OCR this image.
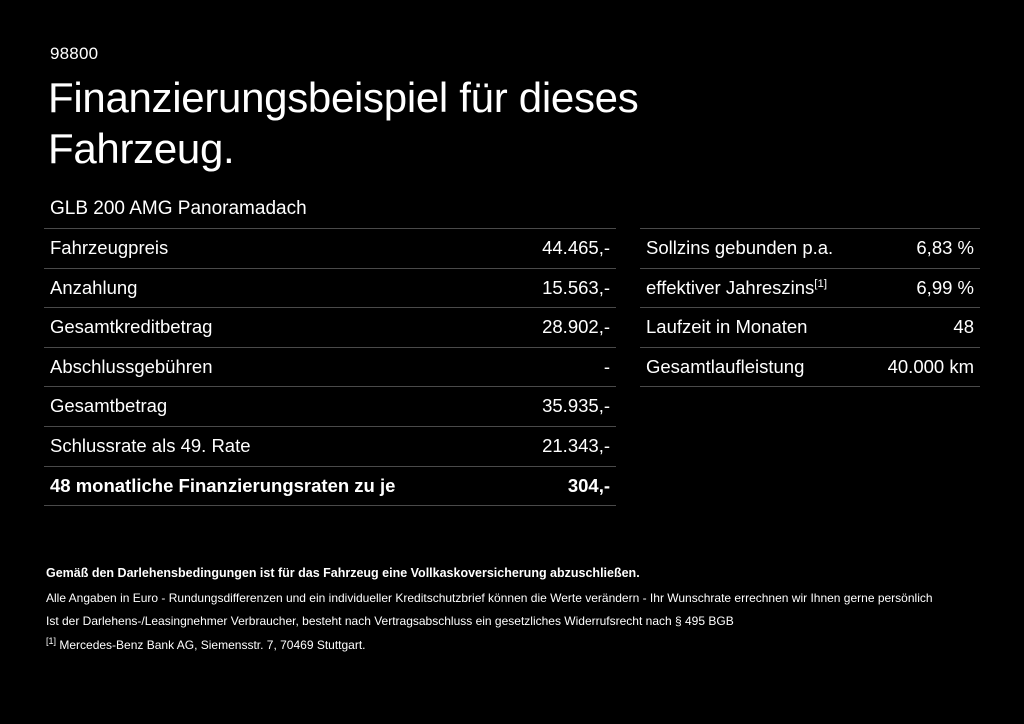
98800
Finanzierungsbeispiel für dieses Fahrzeug.
GLB 200 AMG Panoramadach
Fahrzeugpreis	44.465,-
Anzahlung	15.563,-
Gesamtkreditbetrag	28.902,-
Abschlussgebühren	-
Gesamtbetrag	35.935,-
Schlussrate als 49. Rate	21.343,-
48 monatliche Finanzierungsraten zu je	304,-
Sollzins gebunden p.a.	6,83 %
effektiver Jahreszins[1]	6,99 %
Laufzeit in Monaten	48
Gesamtlaufleistung	40.000 km
Gemäß den Darlehensbedingungen ist für das Fahrzeug eine Vollkaskoversicherung abzuschließen.
Alle Angaben in Euro - Rundungsdifferenzen und ein individueller Kreditschutzbrief können die Werte verändern - Ihr Wunschrate errechnen wir Ihnen gerne persönlich
Ist der Darlehens-/Leasingnehmer Verbraucher, besteht nach Vertragsabschluss ein gesetzliches Widerrufsrecht nach § 495 BGB
[1] Mercedes-Benz Bank AG, Siemensstr. 7, 70469 Stuttgart.
